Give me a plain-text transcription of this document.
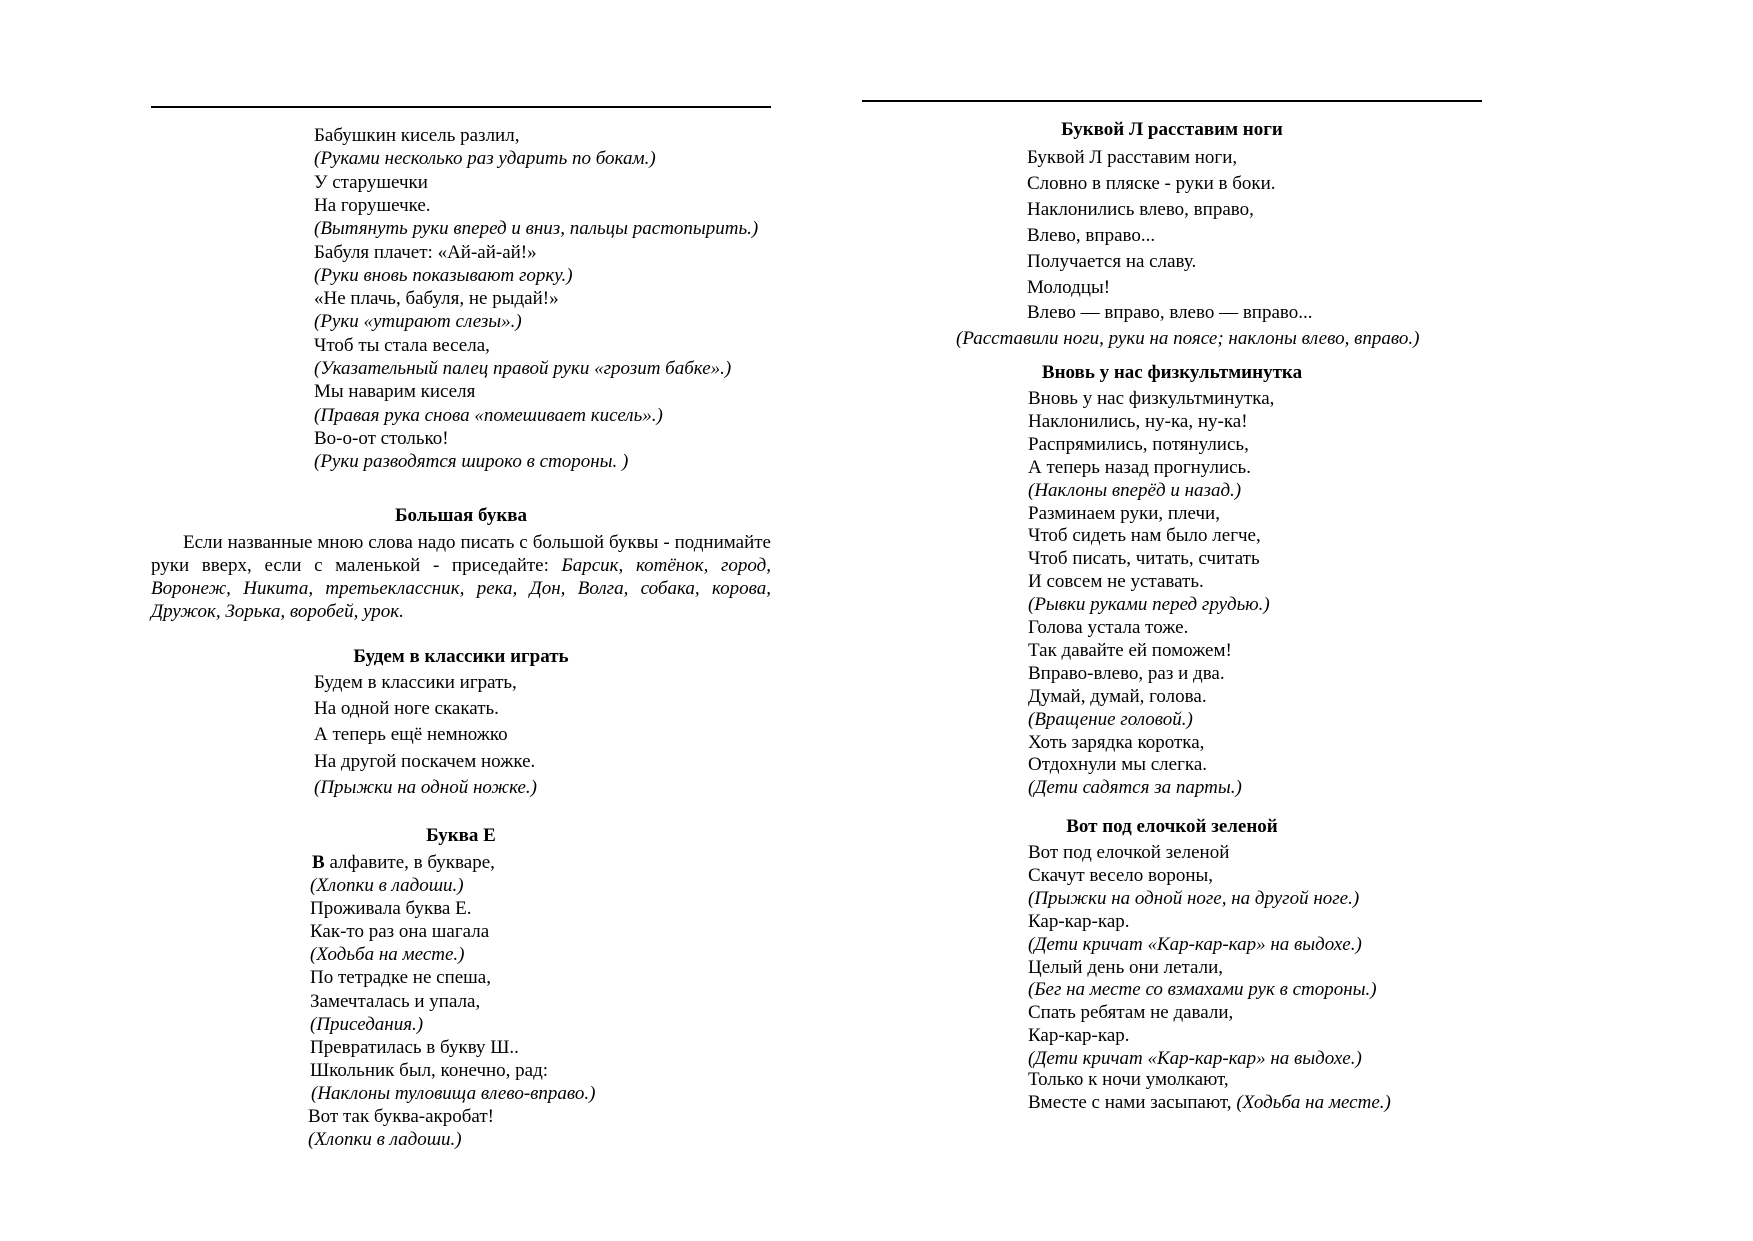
Бабушкин кисель разлил,
(Руками несколько раз ударить по бокам.)
У старушечки
На горушечке.
(Вытянуть руки вперед и вниз, пальцы растопырить.)
Бабуля плачет: «Ай-ай-ай!»
(Руки вновь показывают горку.)
«Не плачь, бабуля, не рыдай!»
(Руки «утирают слезы».)
Чтоб ты стала весела,
(Указательный палец правой руки «грозит бабке».)
Мы наварим киселя
(Правая рука снова «помешивает кисель».)
Во-о-от столько!
(Руки разводятся широко в стороны. )
Большая буква
Если названные мною слова надо писать с большой буквы - поднимайте руки вверх, если с маленькой - приседайте: Барсик, котёнок, город, Воронеж, Никита, третьеклассник, река, Дон, Волга, собака, корова, Дружок, Зорька, воробей, урок.
Будем в классики играть
Будем в классики играть,
На одной ноге скакать.
А теперь ещё немножко
На другой поскачем ножке.
(Прыжки на одной ножке.)
Буква Е
В алфавите, в букваре,
(Хлопки в ладоши.)
Проживала буква Е.
Как-то раз она шагала
(Ходьба на месте.)
По тетрадке не спеша,
Замечталась и упала,
(Приседания.)
Превратилась в букву Ш..
Школьник был, конечно, рад:
(Наклоны туловища влево-вправо.)
Вот так буква-акробат!
(Хлопки в ладоши.)
Буквой Л расставим ноги
Буквой Л расставим ноги,
Словно в пляске - руки в боки.
Наклонились влево, вправо,
Влево, вправо...
Получается на славу.
Молодцы!
Влево — вправо, влево — вправо...
(Расставили ноги, руки на поясе; наклоны влево, вправо.)
Вновь у нас физкультминутка
Вновь у нас физкультминутка,
Наклонились, ну-ка, ну-ка!
Распрямились, потянулись,
А теперь назад прогнулись.
(Наклоны вперёд и назад.)
Разминаем руки, плечи,
Чтоб сидеть нам было легче,
Чтоб писать, читать, считать
И совсем не уставать.
(Рывки руками перед грудью.)
Голова устала тоже.
Так давайте ей поможем!
Вправо-влево, раз и два.
Думай, думай, голова.
(Вращение головой.)
Хоть зарядка коротка,
Отдохнули мы слегка.
(Дети садятся за парты.)
Вот под елочкой зеленой
Вот под елочкой зеленой
Скачут весело вороны,
(Прыжки на одной ноге, на другой ноге.)
Кар-кар-кар.
(Дети кричат «Кар-кар-кар» на выдохе.)
Целый день они летали,
(Бег на месте со взмахами рук в стороны.)
Спать ребятам не давали,
Кар-кар-кар.
(Дети кричат «Кар-кар-кар» на выдохе.)
Только к ночи умолкают,
Вместе с нами засыпают, (Ходьба на месте.)
